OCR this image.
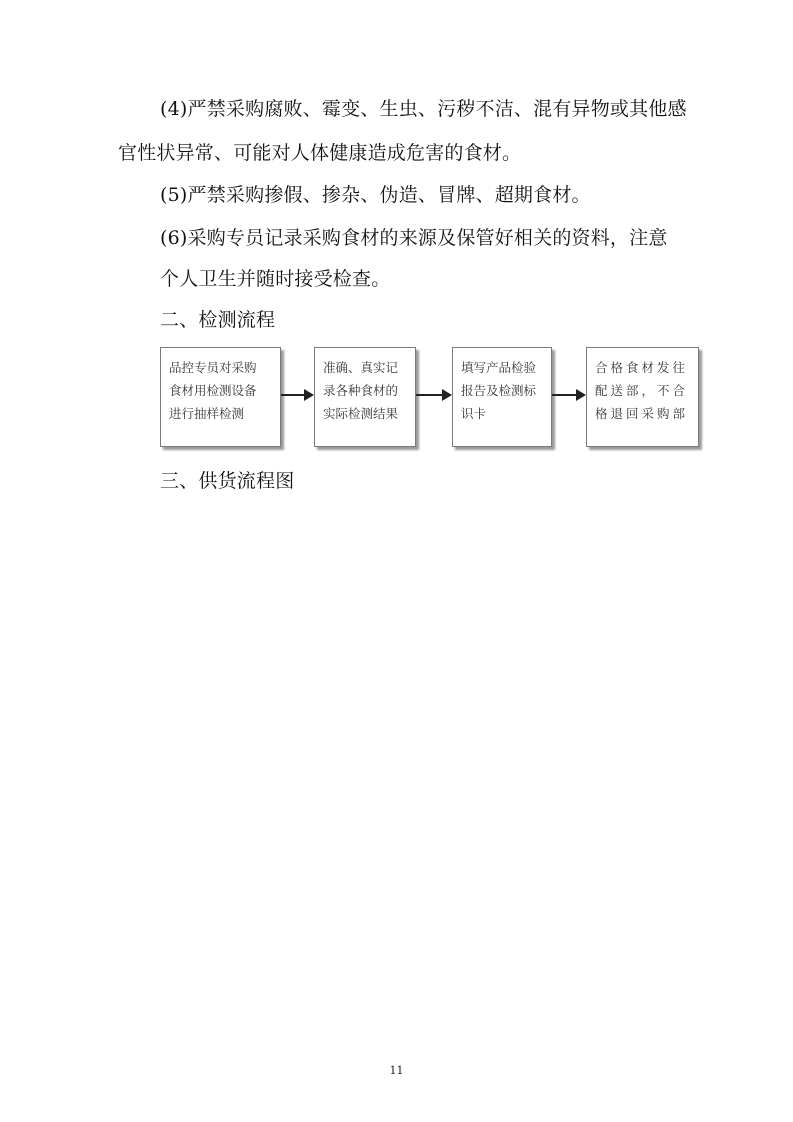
(4)严禁采购腐败、霉变、生虫、污秽不洁、混有异物或其他感
官性状异常、可能对人体健康造成危害的食材。
(5)严禁采购掺假、掺杂、伪造、冒牌、超期食材。
(6)采购专员记录采购食材的来源及保管好相关的资料，注意
个人卫生并随时接受检查。
二、检测流程
品控专员对采购
食材用检测设备
进行抽样检测
准确、真实记
录各种食材的
实际检测结果
填写产品检验
报告及检测标
识卡
合格食材发往
配送部，不合
格退回采购部
三、供货流程图
11
